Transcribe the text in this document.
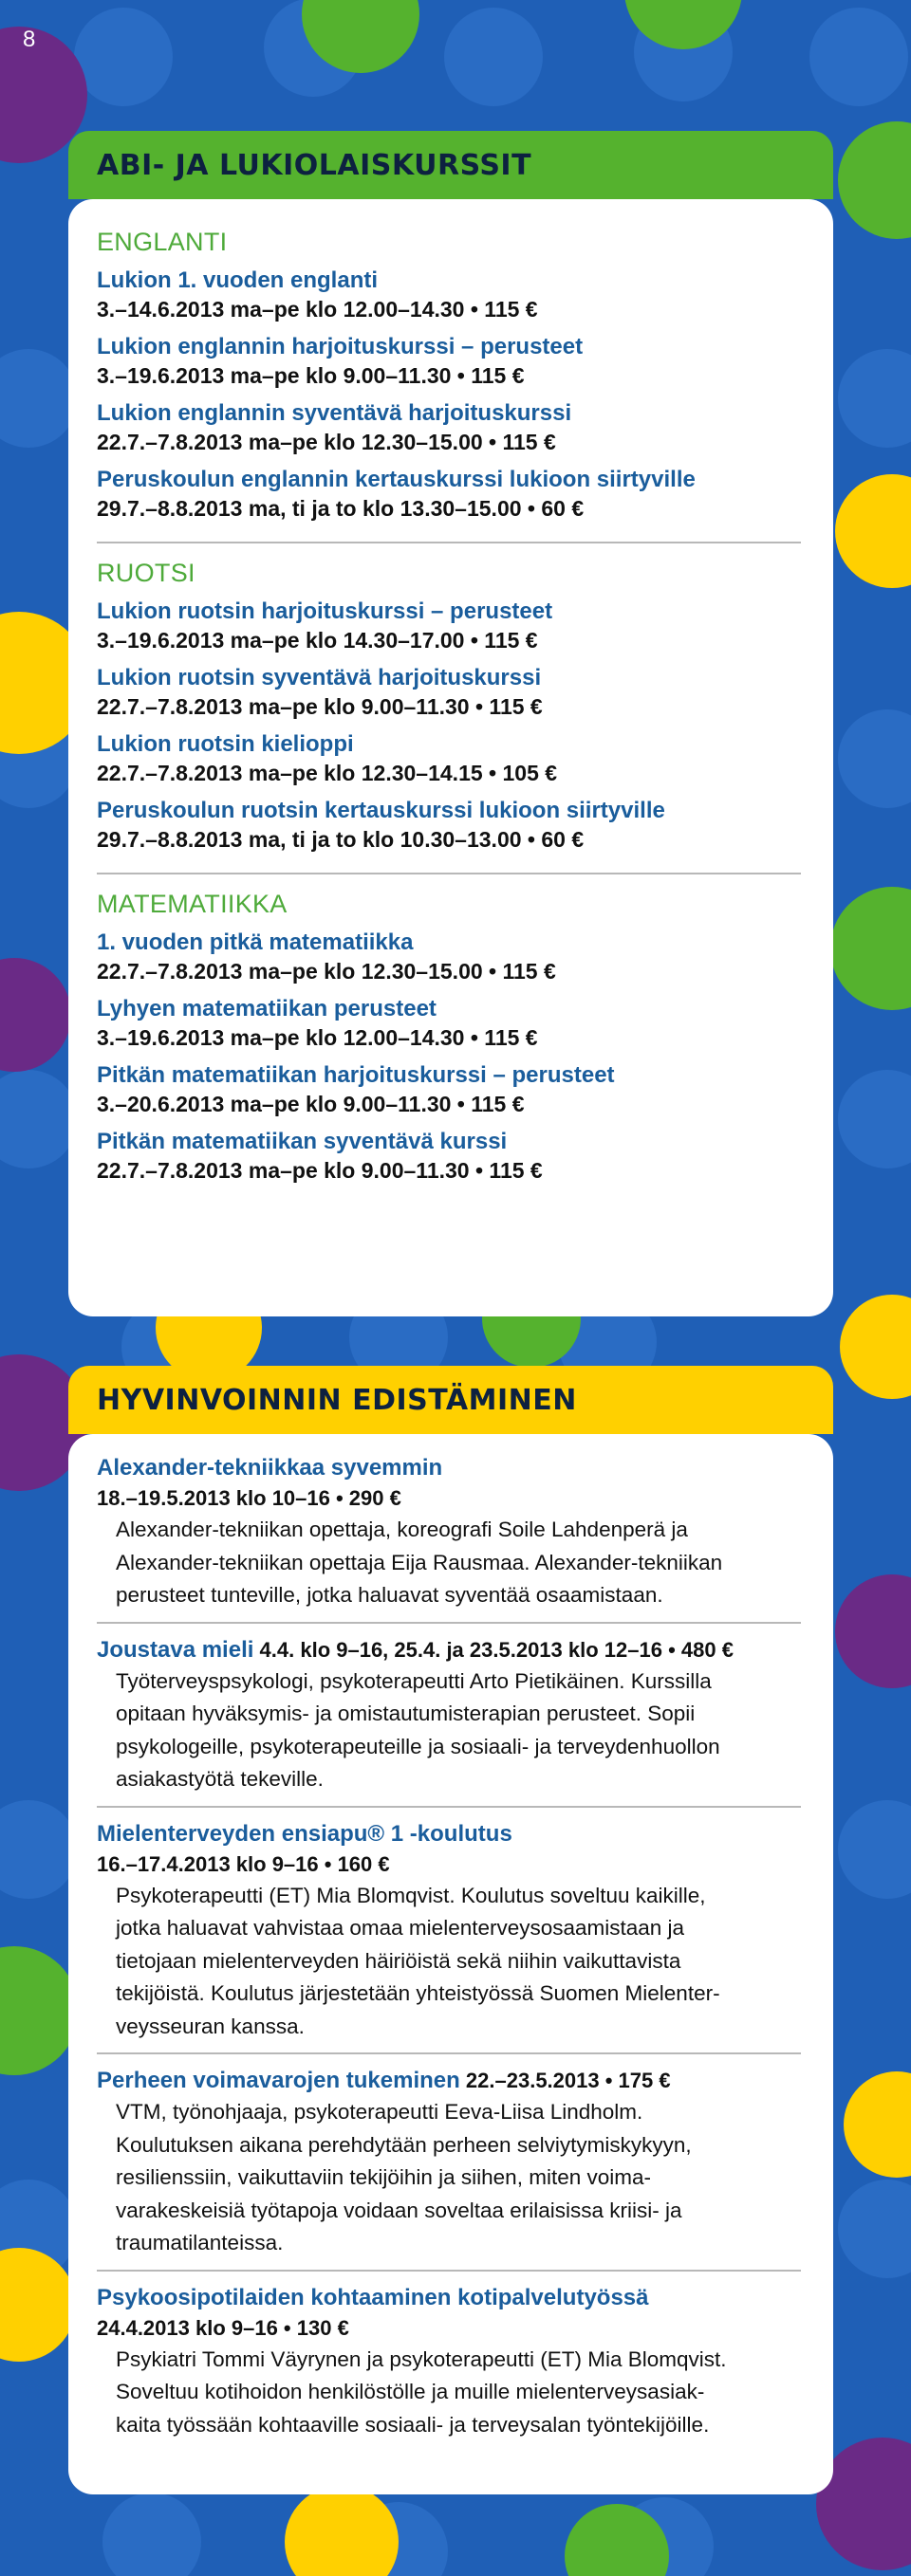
8
ABI- JA LUKIOLAISKURSSIT
ENGLANTI
Lukion 1. vuoden englanti
3.–14.6.2013 ma–pe klo 12.00–14.30 • 115 €
Lukion englannin harjoituskurssi – perusteet
3.–19.6.2013 ma–pe klo 9.00–11.30 • 115 €
Lukion englannin syventävä harjoituskurssi
22.7.–7.8.2013 ma–pe klo 12.30–15.00 • 115 €
Peruskoulun englannin kertauskurssi lukioon siirtyville
29.7.–8.8.2013 ma, ti ja to klo 13.30–15.00 • 60 €
RUOTSI
Lukion ruotsin harjoituskurssi – perusteet
3.–19.6.2013 ma–pe klo 14.30–17.00 • 115 €
Lukion ruotsin syventävä harjoituskurssi
22.7.–7.8.2013 ma–pe klo 9.00–11.30 • 115 €
Lukion ruotsin kielioppi
22.7.–7.8.2013 ma–pe klo 12.30–14.15 • 105 €
Peruskoulun ruotsin kertauskurssi lukioon siirtyville
29.7.–8.8.2013 ma, ti ja to klo 10.30–13.00 • 60 €
MATEMATIIKKA
1. vuoden pitkä matematiikka
22.7.–7.8.2013 ma–pe klo 12.30–15.00 • 115 €
Lyhyen matematiikan perusteet
3.–19.6.2013 ma–pe klo 12.00–14.30 • 115 €
Pitkän matematiikan harjoituskurssi – perusteet
3.–20.6.2013 ma–pe klo 9.00–11.30 • 115 €
Pitkän matematiikan syventävä kurssi
22.7.–7.8.2013 ma–pe klo 9.00–11.30 • 115 €
HYVINVOINNIN EDISTÄMINEN
Alexander-tekniikkaa syvemmin
18.–19.5.2013 klo 10–16 • 290 €
Alexander-tekniikan opettaja, koreografi Soile Lahdenperä ja
Alexander-tekniikan opettaja Eija Rausmaa. Alexander-tekniikan
perusteet tunteville, jotka haluavat syventää osaamistaan.
Joustava mieli 4.4. klo 9–16, 25.4. ja 23.5.2013 klo 12–16 • 480 €
Työterveyspsykologi, psykoterapeutti Arto Pietikäinen. Kurssilla
opitaan hyväksymis- ja omistautumisterapian perusteet. Sopii
psykologeille, psykoterapeuteille ja sosiaali- ja terveydenhuollon
asiakastyötä tekeville.
Mielenterveyden ensiapu® 1 -koulutus
16.–17.4.2013 klo 9–16 • 160 €
Psykoterapeutti (ET) Mia Blomqvist. Koulutus soveltuu kaikille,
jotka haluavat vahvistaa omaa mielenterveysosaamistaan ja
tietojaan mielenterveyden häiriöistä sekä niihin vaikuttavista
tekijöistä. Koulutus järjestetään yhteistyössä Suomen Mielenter-
veysseuran kanssa.
Perheen voimavarojen tukeminen 22.–23.5.2013 • 175 €
VTM, työnohjaaja, psykoterapeutti Eeva-Liisa Lindholm.
Koulutuksen aikana perehdytään perheen selviytymiskykyyn,
resilienssiin, vaikuttaviin tekijöihin ja siihen, miten voima-
varakeskeisiä työtapoja voidaan soveltaa erilaisissa kriisi- ja
traumatilanteissa.
Psykoosipotilaiden kohtaaminen kotipalvelutyössä
24.4.2013 klo 9–16 • 130 €
Psykiatri Tommi Väyrynen ja psykoterapeutti (ET) Mia Blomqvist.
Soveltuu kotihoidon henkilöstölle ja muille mielenterveysasiak-
kaita työssään kohtaaville sosiaali- ja terveysalan työntekijöille.
